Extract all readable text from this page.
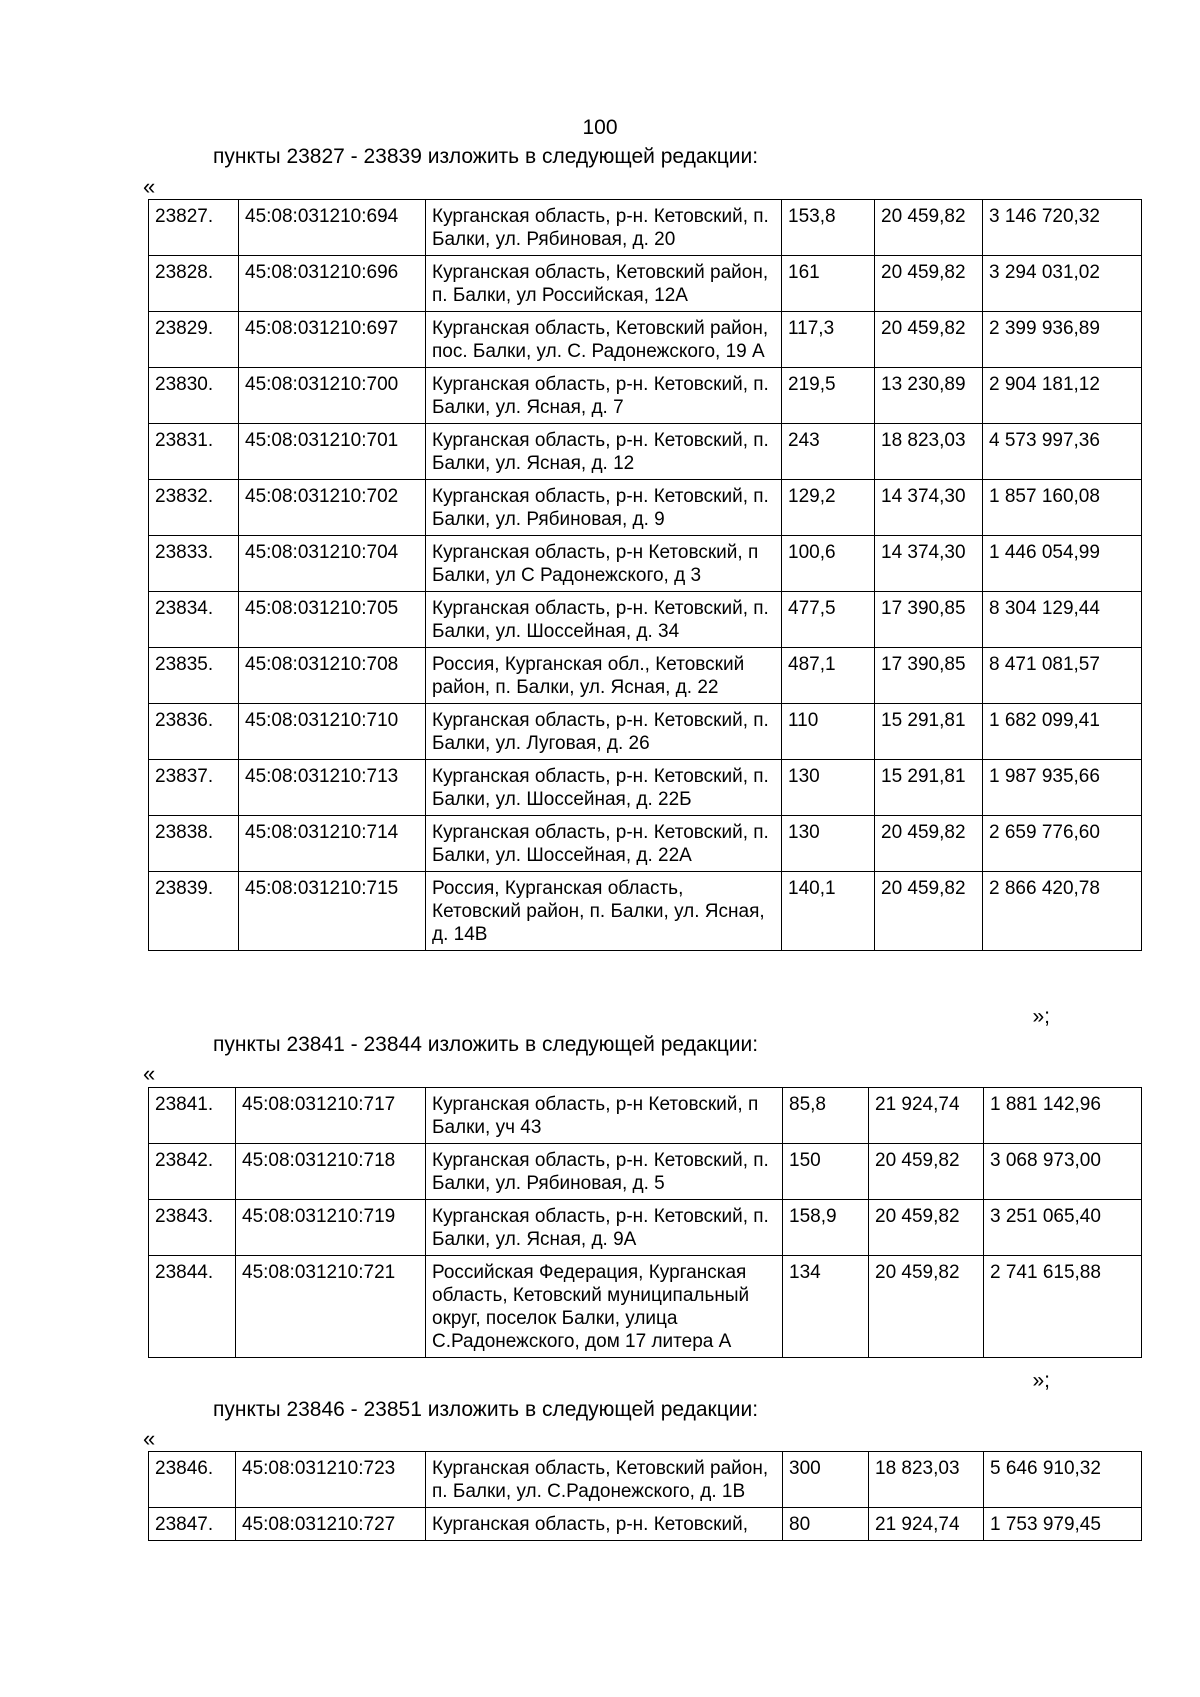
100
пункты 23827 - 23839 изложить в следующей редакции:
«
23827.	45:08:031210:694	Курганская область, р-н. Кетовский, п. Балки, ул. Рябиновая, д. 20	153,8	20 459,82	3 146 720,32
23828.	45:08:031210:696	Курганская область, Кетовский район, п. Балки, ул Российская, 12А	161	20 459,82	3 294 031,02
23829.	45:08:031210:697	Курганская область, Кетовский район, пос. Балки, ул. С. Радонежского, 19 А	117,3	20 459,82	2 399 936,89
23830.	45:08:031210:700	Курганская область, р-н. Кетовский, п. Балки, ул. Ясная, д. 7	219,5	13 230,89	2 904 181,12
23831.	45:08:031210:701	Курганская область, р-н. Кетовский, п. Балки, ул. Ясная, д. 12	243	18 823,03	4 573 997,36
23832.	45:08:031210:702	Курганская область, р-н. Кетовский, п. Балки, ул. Рябиновая, д. 9	129,2	14 374,30	1 857 160,08
23833.	45:08:031210:704	Курганская область, р-н Кетовский, п Балки, ул С Радонежского, д 3	100,6	14 374,30	1 446 054,99
23834.	45:08:031210:705	Курганская область, р-н. Кетовский, п. Балки, ул. Шоссейная, д. 34	477,5	17 390,85	8 304 129,44
23835.	45:08:031210:708	Россия, Курганская обл., Кетовский район, п. Балки, ул. Ясная, д. 22	487,1	17 390,85	8 471 081,57
23836.	45:08:031210:710	Курганская область, р-н. Кетовский, п. Балки, ул. Луговая, д. 26	110	15 291,81	1 682 099,41
23837.	45:08:031210:713	Курганская область, р-н. Кетовский, п. Балки, ул. Шоссейная, д. 22Б	130	15 291,81	1 987 935,66
23838.	45:08:031210:714	Курганская область, р-н. Кетовский, п. Балки, ул. Шоссейная, д. 22А	130	20 459,82	2 659 776,60
23839.	45:08:031210:715	Россия, Курганская область, Кетовский район, п. Балки, ул. Ясная, д. 14В	140,1	20 459,82	2 866 420,78
»;
пункты 23841 - 23844 изложить в следующей редакции:
«
23841.	45:08:031210:717	Курганская область, р-н Кетовский, п Балки, уч 43	85,8	21 924,74	1 881 142,96
23842.	45:08:031210:718	Курганская область, р-н. Кетовский, п. Балки, ул. Рябиновая, д. 5	150	20 459,82	3 068 973,00
23843.	45:08:031210:719	Курганская область, р-н. Кетовский, п. Балки, ул. Ясная, д. 9А	158,9	20 459,82	3 251 065,40
23844.	45:08:031210:721	Российская Федерация, Курганская область, Кетовский муниципальный округ, поселок Балки, улица С.Радонежского, дом 17 литера А	134	20 459,82	2 741 615,88
»;
пункты 23846 - 23851 изложить в следующей редакции:
«
23846.	45:08:031210:723	Курганская область, Кетовский район, п. Балки, ул. С.Радонежского, д. 1В	300	18 823,03	5 646 910,32
23847.	45:08:031210:727	Курганская область, р-н. Кетовский,	80	21 924,74	1 753 979,45
